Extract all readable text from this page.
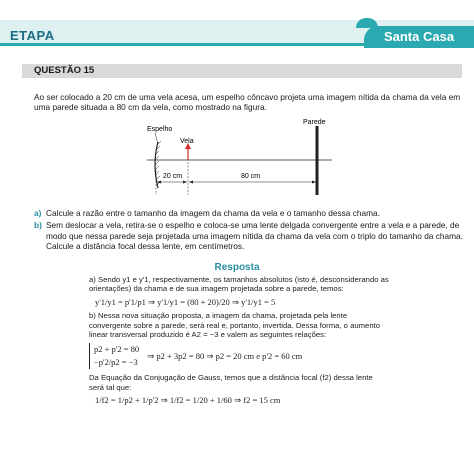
ETAPA	Santa Casa
QUESTÃO 15
Ao ser colocado a 20 cm de uma vela acesa, um espelho côncavo projeta uma imagem nítida da chama da vela em uma parede situada a 80 cm da vela, como mostrado na figura.
Espelho
Vela
Parede
20 cm	80 cm
a) Calcule a razão entre o tamanho da imagem da chama da vela e o tamanho dessa chama.
b) Sem deslocar a vela, retira-se o espelho e coloca-se uma lente delgada convergente entre a vela e a parede, de modo que nessa parede seja projetada uma imagem nítida da chama da vela com o triplo do tamanho da chama. Calcule a distância focal dessa lente, em centímetros.
Resposta

a) Sendo y1 e y'1, respectivamente, os tamanhos absolutos (isto é, desconsiderando as orientações) da chama e de sua imagem projetada sobre a parede, temos:

y'1/y1 = p'1/p1 ⇒ y'1/y1 = (80 + 20)/20 ⇒ y'1/y1 = 5

b) Nessa nova situação proposta, a imagem da chama, projetada pela lente convergente sobre a parede, será real e, portanto, invertida. Dessa forma, o aumento linear transversal produzido é A2 = −3 e valem as seguintes relações:

p2 + p'2 = 80
−p'2/p2 = −3
⇒ p2 + 3p2 = 80 ⇒ p2 = 20 cm e p'2 = 60 cm

Da Equação da Conjugação de Gauss, temos que a distância focal (f2) dessa lente será tal que:

1/f2 = 1/p2 + 1/p'2 ⇒ 1/f2 = 1/20 + 1/60 ⇒ f2 = 15 cm
